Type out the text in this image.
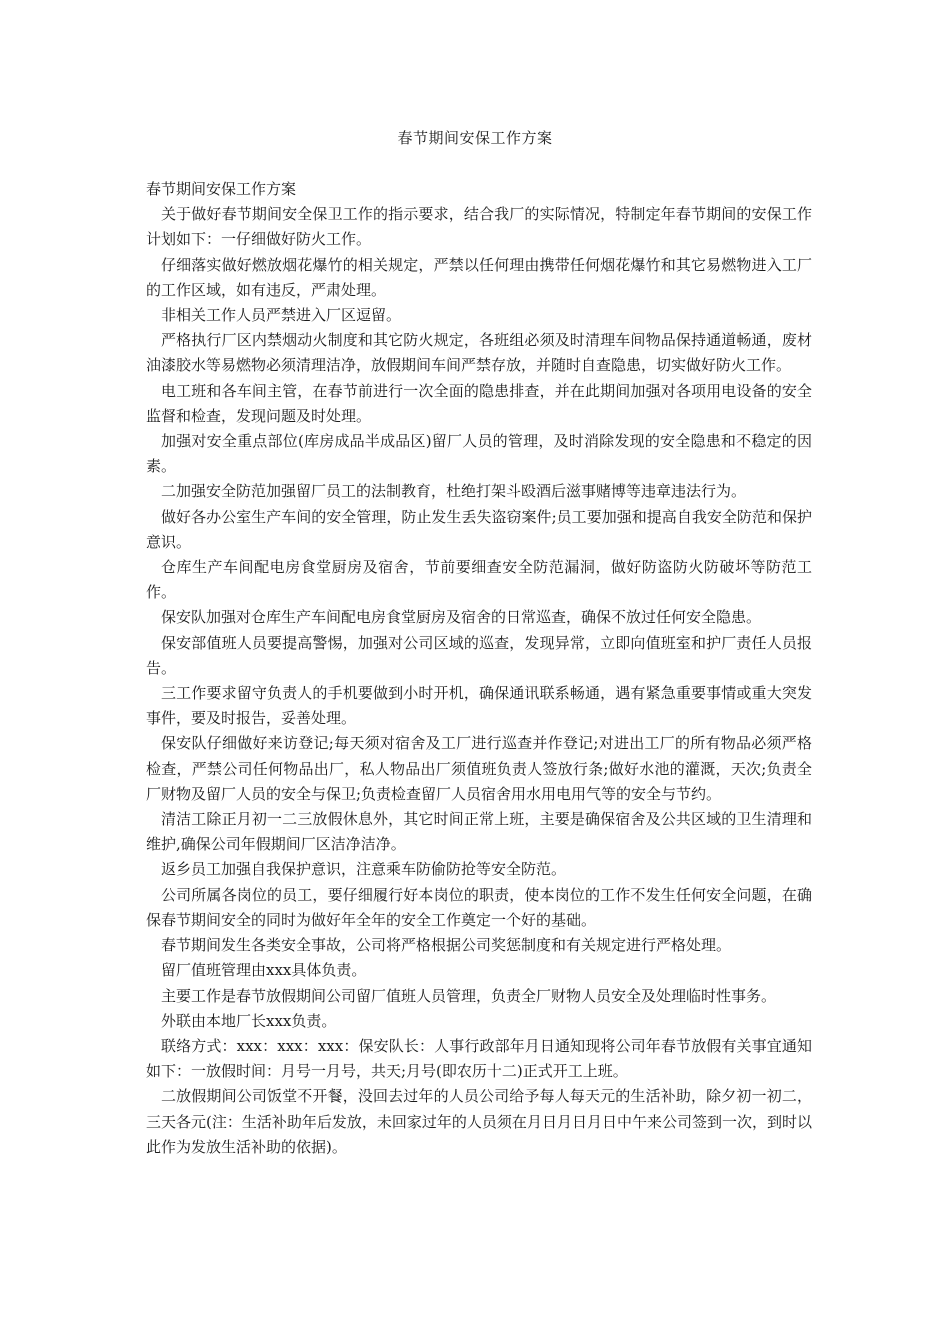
春节期间安保工作方案

春节期间安保工作方案

关于做好春节期间安全保卫工作的指示要求，结合我厂的实际情况，特制定年春节期间的安保工作计划如下：一仔细做好防火工作。

仔细落实做好燃放烟花爆竹的相关规定，严禁以任何理由携带任何烟花爆竹和其它易燃物进入工厂的工作区域，如有违反，严肃处理。

非相关工作人员严禁进入厂区逗留。

严格执行厂区内禁烟动火制度和其它防火规定，各班组必须及时清理车间物品保持通道畅通，废材油漆胶水等易燃物必须清理洁净，放假期间车间严禁存放，并随时自查隐患，切实做好防火工作。

电工班和各车间主管，在春节前进行一次全面的隐患排查，并在此期间加强对各项用电设备的安全监督和检查，发现问题及时处理。

加强对安全重点部位(库房成品半成品区)留厂人员的管理，及时消除发现的安全隐患和不稳定的因素。

二加强安全防范加强留厂员工的法制教育，杜绝打架斗殴酒后滋事赌博等违章违法行为。

做好各办公室生产车间的安全管理，防止发生丢失盗窃案件;员工要加强和提高自我安全防范和保护意识。

仓库生产车间配电房食堂厨房及宿舍，节前要细查安全防范漏洞，做好防盗防火防破坏等防范工作。

保安队加强对仓库生产车间配电房食堂厨房及宿舍的日常巡查，确保不放过任何安全隐患。

保安部值班人员要提高警惕，加强对公司区域的巡查，发现异常，立即向值班室和护厂责任人员报告。

三工作要求留守负责人的手机要做到小时开机，确保通讯联系畅通，遇有紧急重要事情或重大突发事件，要及时报告，妥善处理。

保安队仔细做好来访登记;每天须对宿舍及工厂进行巡查并作登记;对进出工厂的所有物品必须严格检查，严禁公司任何物品出厂，私人物品出厂须值班负责人签放行条;做好水池的灌溉，天次;负责全厂财物及留厂人员的安全与保卫;负责检查留厂人员宿舍用水用电用气等的安全与节约。

清洁工除正月初一二三放假休息外，其它时间正常上班，主要是确保宿舍及公共区域的卫生清理和维护,确保公司年假期间厂区洁净洁净。

返乡员工加强自我保护意识，注意乘车防偷防抢等安全防范。

公司所属各岗位的员工，要仔细履行好本岗位的职责，使本岗位的工作不发生任何安全问题，在确保春节期间安全的同时为做好年全年的安全工作奠定一个好的基础。

春节期间发生各类安全事故，公司将严格根据公司奖惩制度和有关规定进行严格处理。

留厂值班管理由xxx具体负责。

主要工作是春节放假期间公司留厂值班人员管理，负责全厂财物人员安全及处理临时性事务。

外联由本地厂长xxx负责。

联络方式：xxx：xxx：xxx：保安队长：人事行政部年月日通知现将公司年春节放假有关事宜通知如下：一放假时间：月号一月号，共天;月号(即农历十二)正式开工上班。

二放假期间公司饭堂不开餐，没回去过年的人员公司给予每人每天元的生活补助，除夕初一初二，三天各元(注：生活补助年后发放，未回家过年的人员须在月日月日月日中午来公司签到一次，到时以此作为发放生活补助的依据)。
